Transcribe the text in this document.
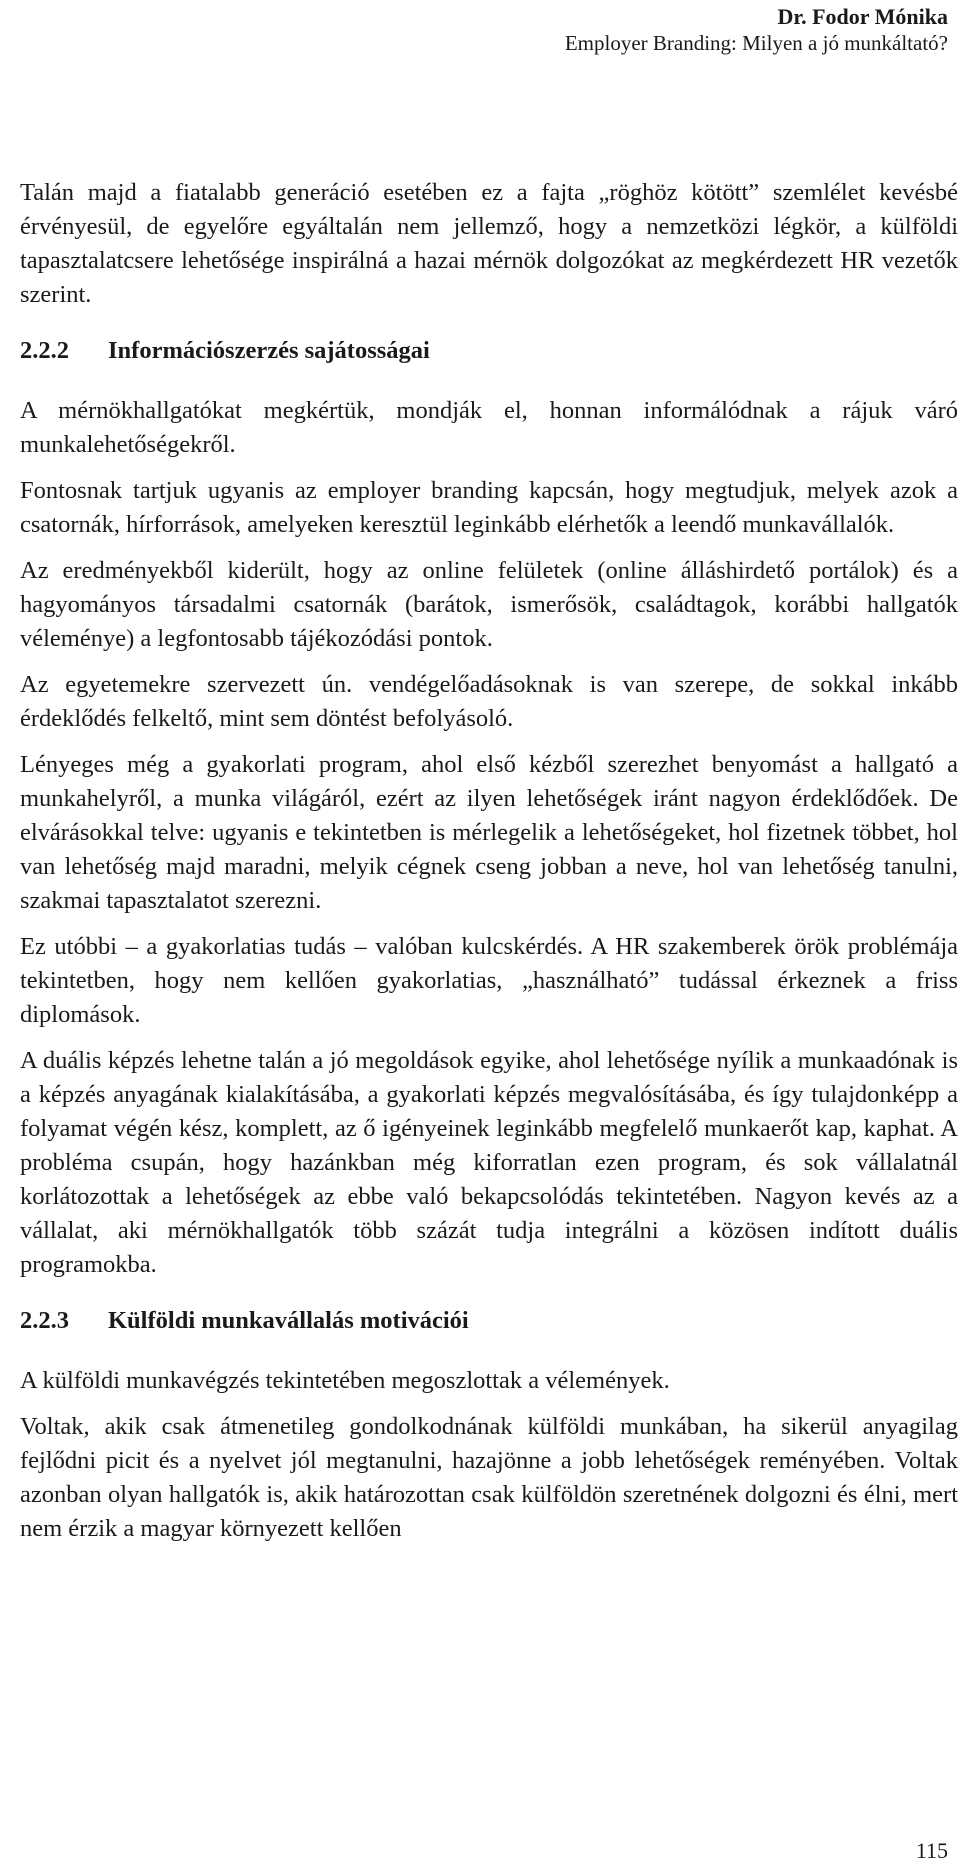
Dr. Fodor Mónika
Employer Branding: Milyen a jó munkáltató?

Talán majd a fiatalabb generáció esetében ez a fajta „röghöz kötött” szemlélet kevésbé érvényesül, de egyelőre egyáltalán nem jellemző, hogy a nemzetközi légkör, a külföldi tapasztalatcsere lehetősége inspirálná a hazai mérnök dolgozókat az megkérdezett HR vezetők szerint.

2.2.2 Információszerzés sajátosságai

A mérnökhallgatókat megkértük, mondják el, honnan informálódnak a rájuk váró munkalehetőségekről.

Fontosnak tartjuk ugyanis az employer branding kapcsán, hogy megtudjuk, melyek azok a csatornák, hírforrások, amelyeken keresztül leginkább elérhetők a leendő munkavállalók.

Az eredményekből kiderült, hogy az online felületek (online álláshirdető portálok) és a hagyományos társadalmi csatornák (barátok, ismerősök, családtagok, korábbi hallgatók véleménye) a legfontosabb tájékozódási pontok.

Az egyetemekre szervezett ún. vendégelőadásoknak is van szerepe, de sokkal inkább érdeklődés felkeltő, mint sem döntést befolyásoló.

Lényeges még a gyakorlati program, ahol első kézből szerezhet benyomást a hallgató a munkahelyről, a munka világáról, ezért az ilyen lehetőségek iránt nagyon érdeklődőek. De elvárásokkal telve: ugyanis e tekintetben is mérlegelik a lehetőségeket, hol fizetnek többet, hol van lehetőség majd maradni, melyik cégnek cseng jobban a neve, hol van lehetőség tanulni, szakmai tapasztalatot szerezni.

Ez utóbbi – a gyakorlatias tudás – valóban kulcskérdés. A HR szakemberek örök problémája tekintetben, hogy nem kellően gyakorlatias, „használható” tudással érkeznek a friss diplomások.

A duális képzés lehetne talán a jó megoldások egyike, ahol lehetősége nyílik a munkaadónak is a képzés anyagának kialakításába, a gyakorlati képzés megvalósításába, és így tulajdonképp a folyamat végén kész, komplett, az ő igényeinek leginkább megfelelő munkaerőt kap, kaphat. A probléma csupán, hogy hazánkban még kiforratlan ezen program, és sok vállalatnál korlátozottak a lehetőségek az ebbe való bekapcsolódás tekintetében. Nagyon kevés az a vállalat, aki mérnökhallgatók több százát tudja integrálni a közösen indított duális programokba.

2.2.3 Külföldi munkavállalás motivációi

A külföldi munkavégzés tekintetében megoszlottak a vélemények.

Voltak, akik csak átmenetileg gondolkodnának külföldi munkában, ha sikerül anyagilag fejlődni picit és a nyelvet jól megtanulni, hazajönne a jobb lehetőségek reményében. Voltak azonban olyan hallgatók is, akik határozottan csak külföldön szeretnének dolgozni és élni, mert nem érzik a magyar környezett kellően

115
